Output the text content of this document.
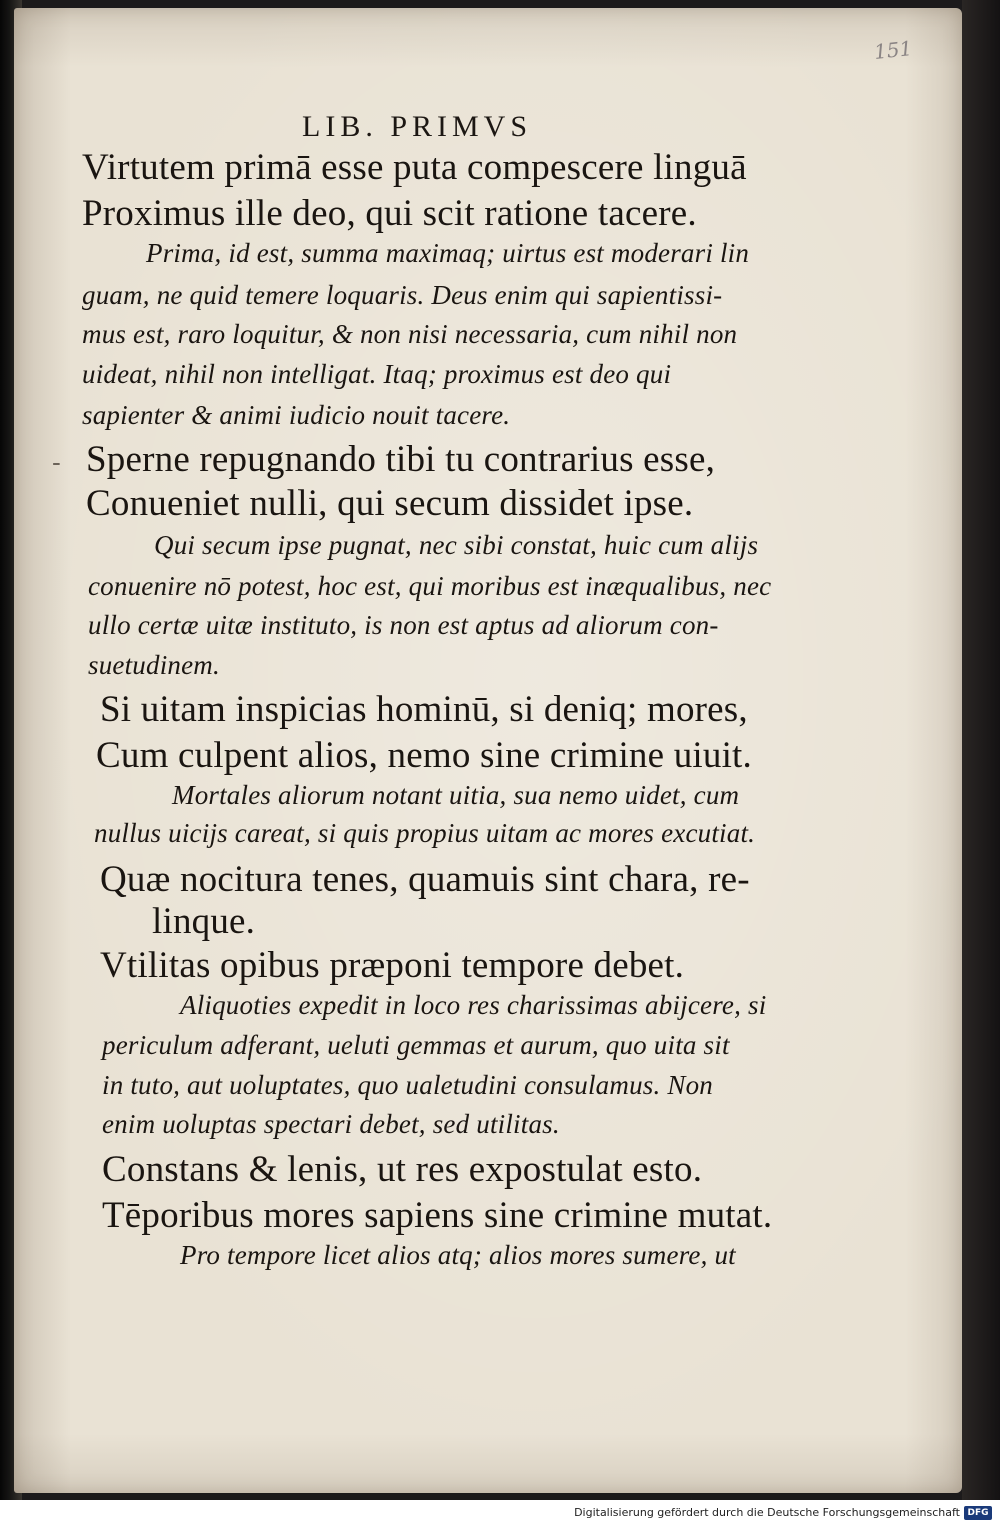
151
-
LIB. PRIMVS
Virtutem primā esse puta compescere linguā
Proximus ille deo, qui scit ratione tacere.
Prima, id est, summa maximaq; uirtus est moderari lin
guam, ne quid temere loquaris. Deus enim qui sapientissi-
mus est, raro loquitur, & non nisi necessaria, cum nihil non
uideat, nihil non intelligat. Itaq; proximus est deo qui
sapienter & animi iudicio nouit tacere.
Sperne repugnando tibi tu contrarius esse,
Conueniet nulli, qui secum dissidet ipse.
Qui secum ipse pugnat, nec sibi constat, huic cum alijs
conuenire nō potest, hoc est, qui moribus est inæqualibus, nec
ullo certæ uitæ instituto, is non est aptus ad aliorum con-
suetudinem.
Si uitam inspicias hominū, si deniq; mores,
Cum culpent alios, nemo sine crimine uiuit.
Mortales aliorum notant uitia, sua nemo uidet, cum
nullus uicijs careat, si quis propius uitam ac mores excutiat.
Quæ nocitura tenes, quamuis sint chara, re-
linque.
Vtilitas opibus præponi tempore debet.
Aliquoties expedit in loco res charissimas abijcere, si
periculum adferant, ueluti gemmas et aurum, quo uita sit
in tuto, aut uoluptates, quo ualetudini consulamus. Non
enim uoluptas spectari debet, sed utilitas.
Constans & lenis, ut res expostulat esto.
Tēporibus mores sapiens sine crimine mutat.
Pro tempore licet alios atq; alios mores sumere, ut
Digitalisierung gefördert durch die Deutsche Forschungsgemeinschaft DFG
